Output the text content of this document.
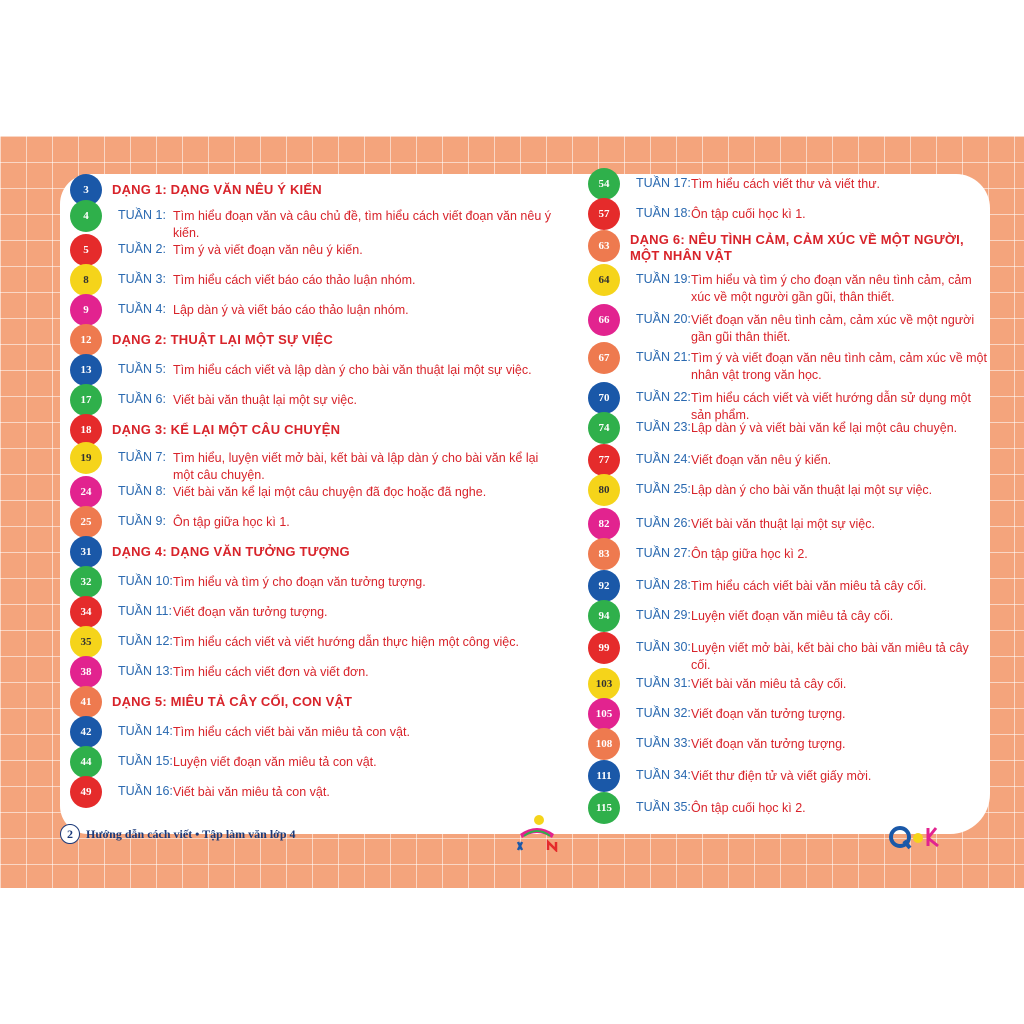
3	DẠNG 1: DẠNG VĂN NÊU Ý KIẾN
4	TUẦN 1: Tìm hiểu đoạn văn và câu chủ đề, tìm hiểu cách viết đoạn văn nêu ý kiến.
5	TUẦN 2: Tìm ý và viết đoạn văn nêu ý kiến.
8	TUẦN 3: Tìm hiểu cách viết báo cáo thảo luận nhóm.
9	TUẦN 4: Lập dàn ý và viết báo cáo thảo luận nhóm.
12	DẠNG 2: THUẬT LẠI MỘT SỰ VIỆC
13	TUẦN 5: Tìm hiểu cách viết và lập dàn ý cho bài văn thuật lại một sự việc.
17	TUẦN 6: Viết bài văn thuật lại một sự việc.
18	DẠNG 3: KỂ LẠI MỘT CÂU CHUYỆN
19	TUẦN 7: Tìm hiểu, luyện viết mở bài, kết bài và lập dàn ý cho bài văn kể lại một câu chuyện.
24	TUẦN 8: Viết bài văn kể lại một câu chuyện đã đọc hoặc đã nghe.
25	TUẦN 9: Ôn tập giữa học kì 1.
31	DẠNG 4: DẠNG VĂN TƯỞNG TƯỢNG
32	TUẦN 10: Tìm hiểu và tìm ý cho đoạn văn tưởng tượng.
34	TUẦN 11: Viết đoạn văn tưởng tượng.
35	TUẦN 12: Tìm hiểu cách viết và viết hướng dẫn thực hiện một công việc.
38	TUẦN 13: Tìm hiểu cách viết đơn và viết đơn.
41	DẠNG 5: MIÊU TẢ CÂY CỐI, CON VẬT
42	TUẦN 14: Tìm hiểu cách viết bài văn miêu tả con vật.
44	TUẦN 15: Luyện viết đoạn văn miêu tả con vật.
49	TUẦN 16: Viết bài văn miêu tả con vật.
54	TUẦN 17: Tìm hiểu cách viết thư và viết thư.
57	TUẦN 18: Ôn tập cuối học kì 1.
63	DẠNG 6: NÊU TÌNH CẢM, CẢM XÚC VỀ MỘT NGƯỜI, MỘT NHÂN VẬT
64	TUẦN 19: Tìm hiểu và tìm ý cho đoạn văn nêu tình cảm, cảm xúc về một người gần gũi, thân thiết.
66	TUẦN 20: Viết đoạn văn nêu tình cảm, cảm xúc về một người gần gũi thân thiết.
67	TUẦN 21: Tìm ý và viết đoạn văn nêu tình cảm, cảm xúc về một nhân vật trong văn học.
70	TUẦN 22: Tìm hiểu cách viết và viết hướng dẫn sử dụng một sản phẩm.
74	TUẦN 23: Lập dàn ý và viết bài văn kể lại một câu chuyện.
77	TUẦN 24: Viết đoạn văn nêu ý kiến.
80	TUẦN 25: Lập dàn ý cho bài văn thuật lại một sự việc.
82	TUẦN 26: Viết bài văn thuật lại một sự việc.
83	TUẦN 27: Ôn tập giữa học kì 2.
92	TUẦN 28: Tìm hiểu cách viết bài văn miêu tả cây cối.
94	TUẦN 29: Luyện viết đoạn văn miêu tả cây cối.
99	TUẦN 30: Luyện viết mở bài, kết bài cho bài văn miêu tả cây cối.
103	TUẦN 31: Viết bài văn miêu tả cây cối.
105	TUẦN 32: Viết đoạn văn tưởng tượng.
108	TUẦN 33: Viết đoạn văn tưởng tượng.
111	TUẦN 34: Viết thư điện tử và viết giấy mời.
115	TUẦN 35: Ôn tập cuối học kì 2.
2	Hướng dẫn cách viết • Tập làm văn lớp 4
